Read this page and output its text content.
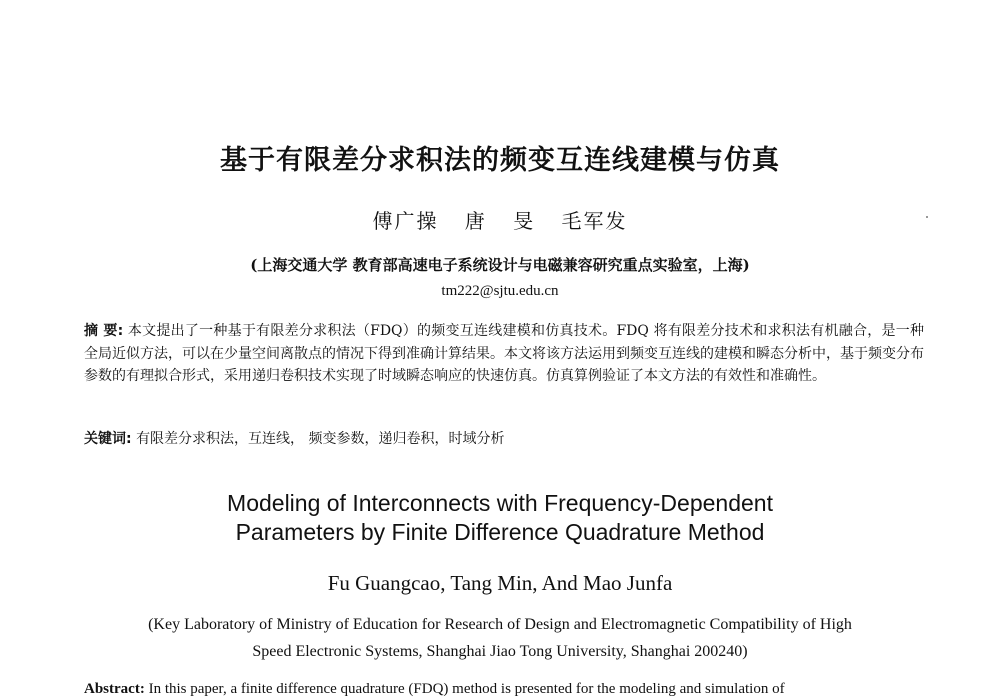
基于有限差分求积法的频变互连线建模与仿真
傅广操 唐 旻 毛军发
(上海交通大学 教育部高速电子系统设计与电磁兼容研究重点实验室，上海)
tm222@sjtu.edu.cn
摘 要: 本文提出了一种基于有限差分求积法（FDQ）的频变互连线建模和仿真技术。FDQ 将有限差分技术和求积法有机融合，是一种全局近似方法，可以在少量空间离散点的情况下得到准确计算结果。本文将该方法运用到频变互连线的建模和瞬态分析中，基于频变分布参数的有理拟合形式，采用递归卷积技术实现了时域瞬态响应的快速仿真。仿真算例验证了本文方法的有效性和准确性。
关键词: 有限差分求积法，互连线， 频变参数，递归卷积，时域分析
Modeling of Interconnects with Frequency-Dependent
Parameters by Finite Difference Quadrature Method
Fu Guangcao, Tang Min, And Mao Junfa
(Key Laboratory of Ministry of Education for Research of Design and Electromagnetic Compatibility of High
Speed Electronic Systems, Shanghai Jiao Tong University, Shanghai 200240)
Abstract: In this paper, a finite difference quadrature (FDQ) method is presented for the modeling and simulation of
